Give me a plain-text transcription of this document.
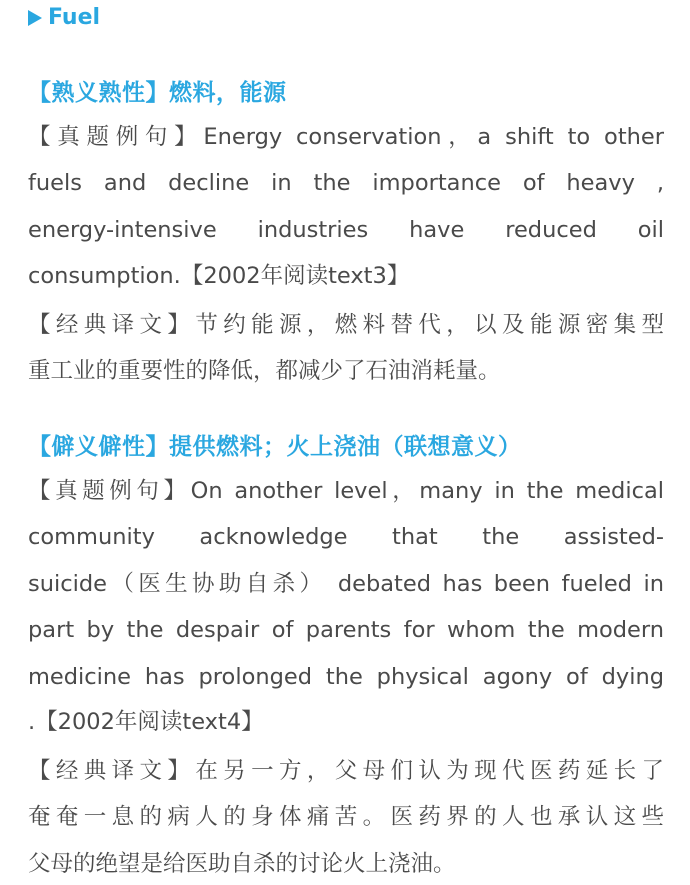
Fuel
【熟义熟性】燃料，能源
【真题例句】Energy conservation，a shift to other
fuels and decline in the importance of heavy ,
energy-intensive industries have reduced oil
consumption.【2002年阅读text3】
【经典译文】节约能源，燃料替代，以及能源密集型
重工业的重要性的降低，都减少了石油消耗量。
【僻义僻性】提供燃料；火上浇油（联想意义）
【真题例句】On another level，many in the medical
community acknowledge that the assisted-
suicide（医生协助自杀） debated has been fueled in
part by the despair of parents for whom the modern
medicine has prolonged the physical agony of dying
.【2002年阅读text4】
【经典译文】在另一方，父母们认为现代医药延长了
奄奄一息的病人的身体痛苦。医药界的人也承认这些
父母的绝望是给医助自杀的讨论火上浇油。
